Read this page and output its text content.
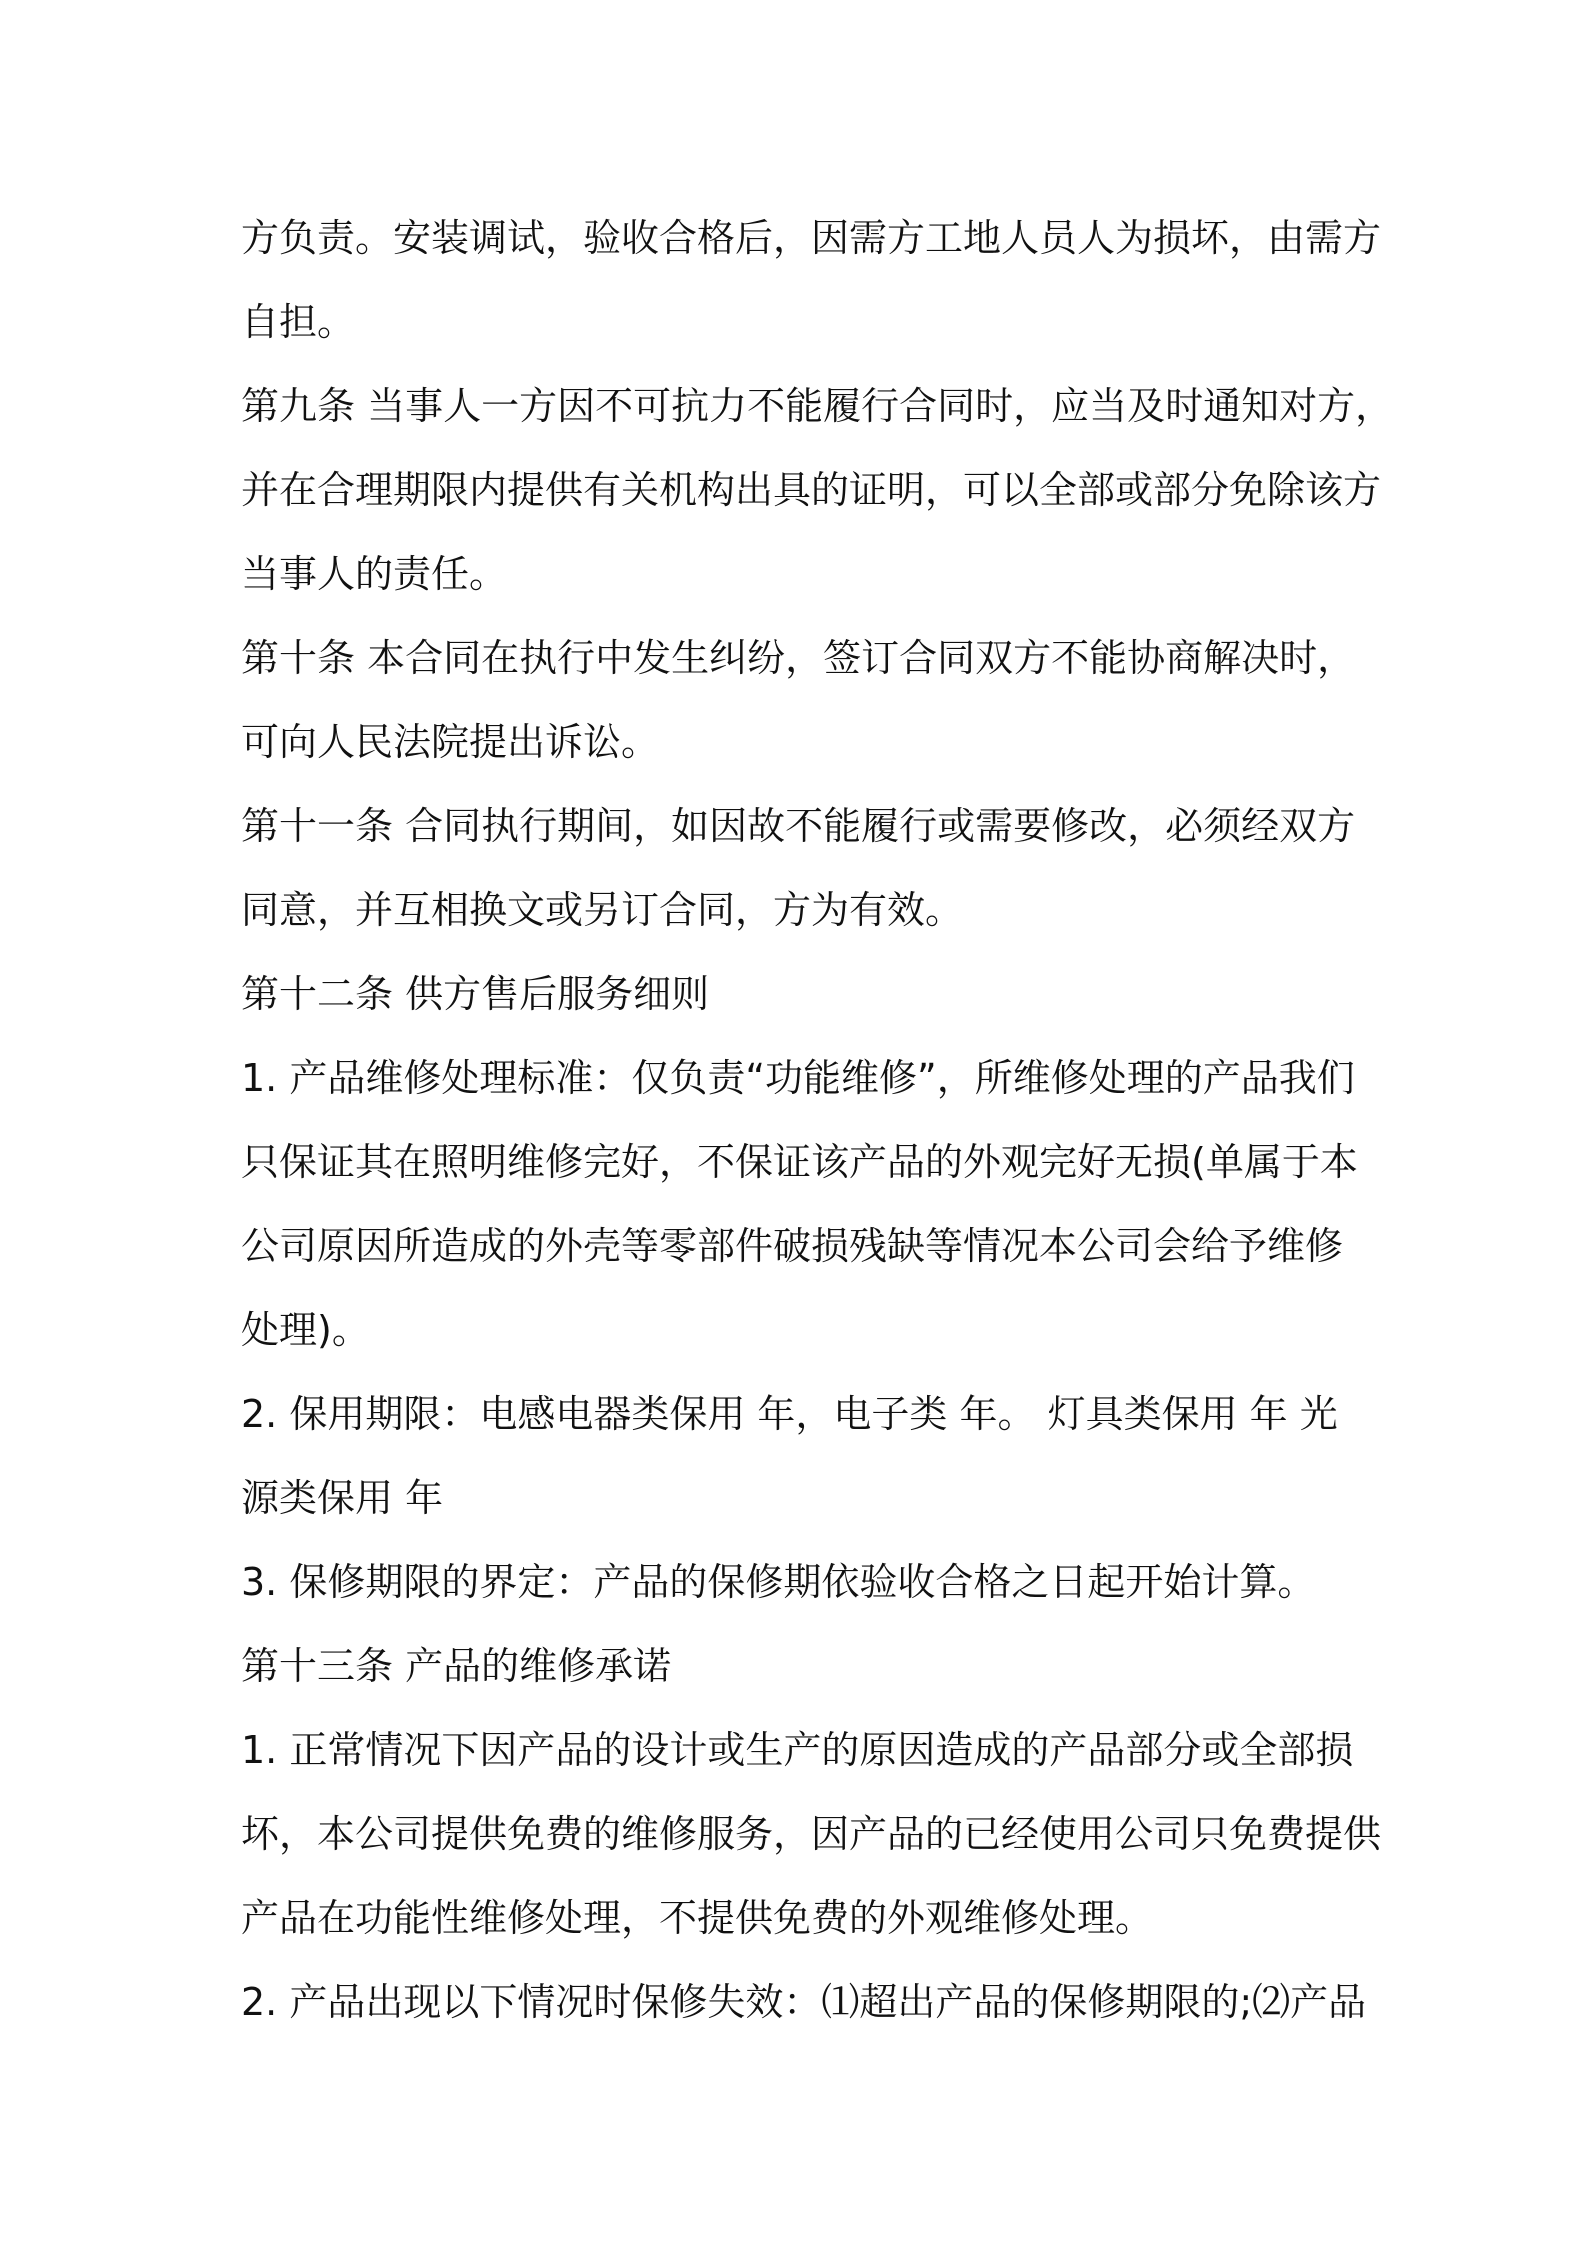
方负责。安装调试，验收合格后，因需方工地人员人为损坏，由需方
自担。
第九条 当事人一方因不可抗力不能履行合同时，应当及时通知对方，
并在合理期限内提供有关机构出具的证明，可以全部或部分免除该方
当事人的责任。
第十条 本合同在执行中发生纠纷，签订合同双方不能协商解决时，
可向人民法院提出诉讼。
第十一条 合同执行期间，如因故不能履行或需要修改，必须经双方
同意，并互相换文或另订合同，方为有效。
第十二条 供方售后服务细则
1. 产品维修处理标准：仅负责“功能维修”，所维修处理的产品我们
只保证其在照明维修完好，不保证该产品的外观完好无损(单属于本
公司原因所造成的外壳等零部件破损残缺等情况本公司会给予维修
处理)。
2. 保用期限：电感电器类保用 年，电子类 年。 灯具类保用 年 光
源类保用 年
3. 保修期限的界定：产品的保修期依验收合格之日起开始计算。
第十三条 产品的维修承诺
1. 正常情况下因产品的设计或生产的原因造成的产品部分或全部损
坏，本公司提供免费的维修服务，因产品的已经使用公司只免费提供
产品在功能性维修处理，不提供免费的外观维修处理。
2. 产品出现以下情况时保修失效：⑴超出产品的保修期限的;⑵产品
